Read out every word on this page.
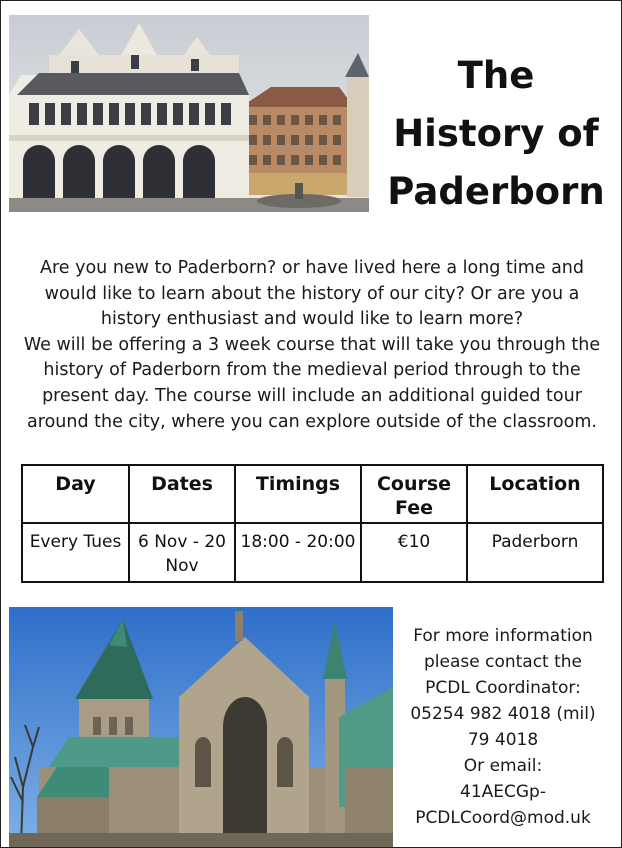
The
History of
Paderborn

Are you new to Paderborn? or have lived here a long time and would like to learn about the history of our city? Or are you a history enthusiast and would like to learn more?

We will be offering a 3 week course that will take you through the history of Paderborn from the medieval period through to the present day. The course will include an additional guided tour around the city, where you can explore outside of the classroom.

Day	Dates	Timings	Course Fee	Location
Every Tues	6 Nov - 20 Nov	18:00 - 20:00	€10	Paderborn
For more information
please contact the
PCDL Coordinator:
05254 982 4018 (mil)
79 4018
Or email:
41AECGp-
PCDLCoord@mod.uk
